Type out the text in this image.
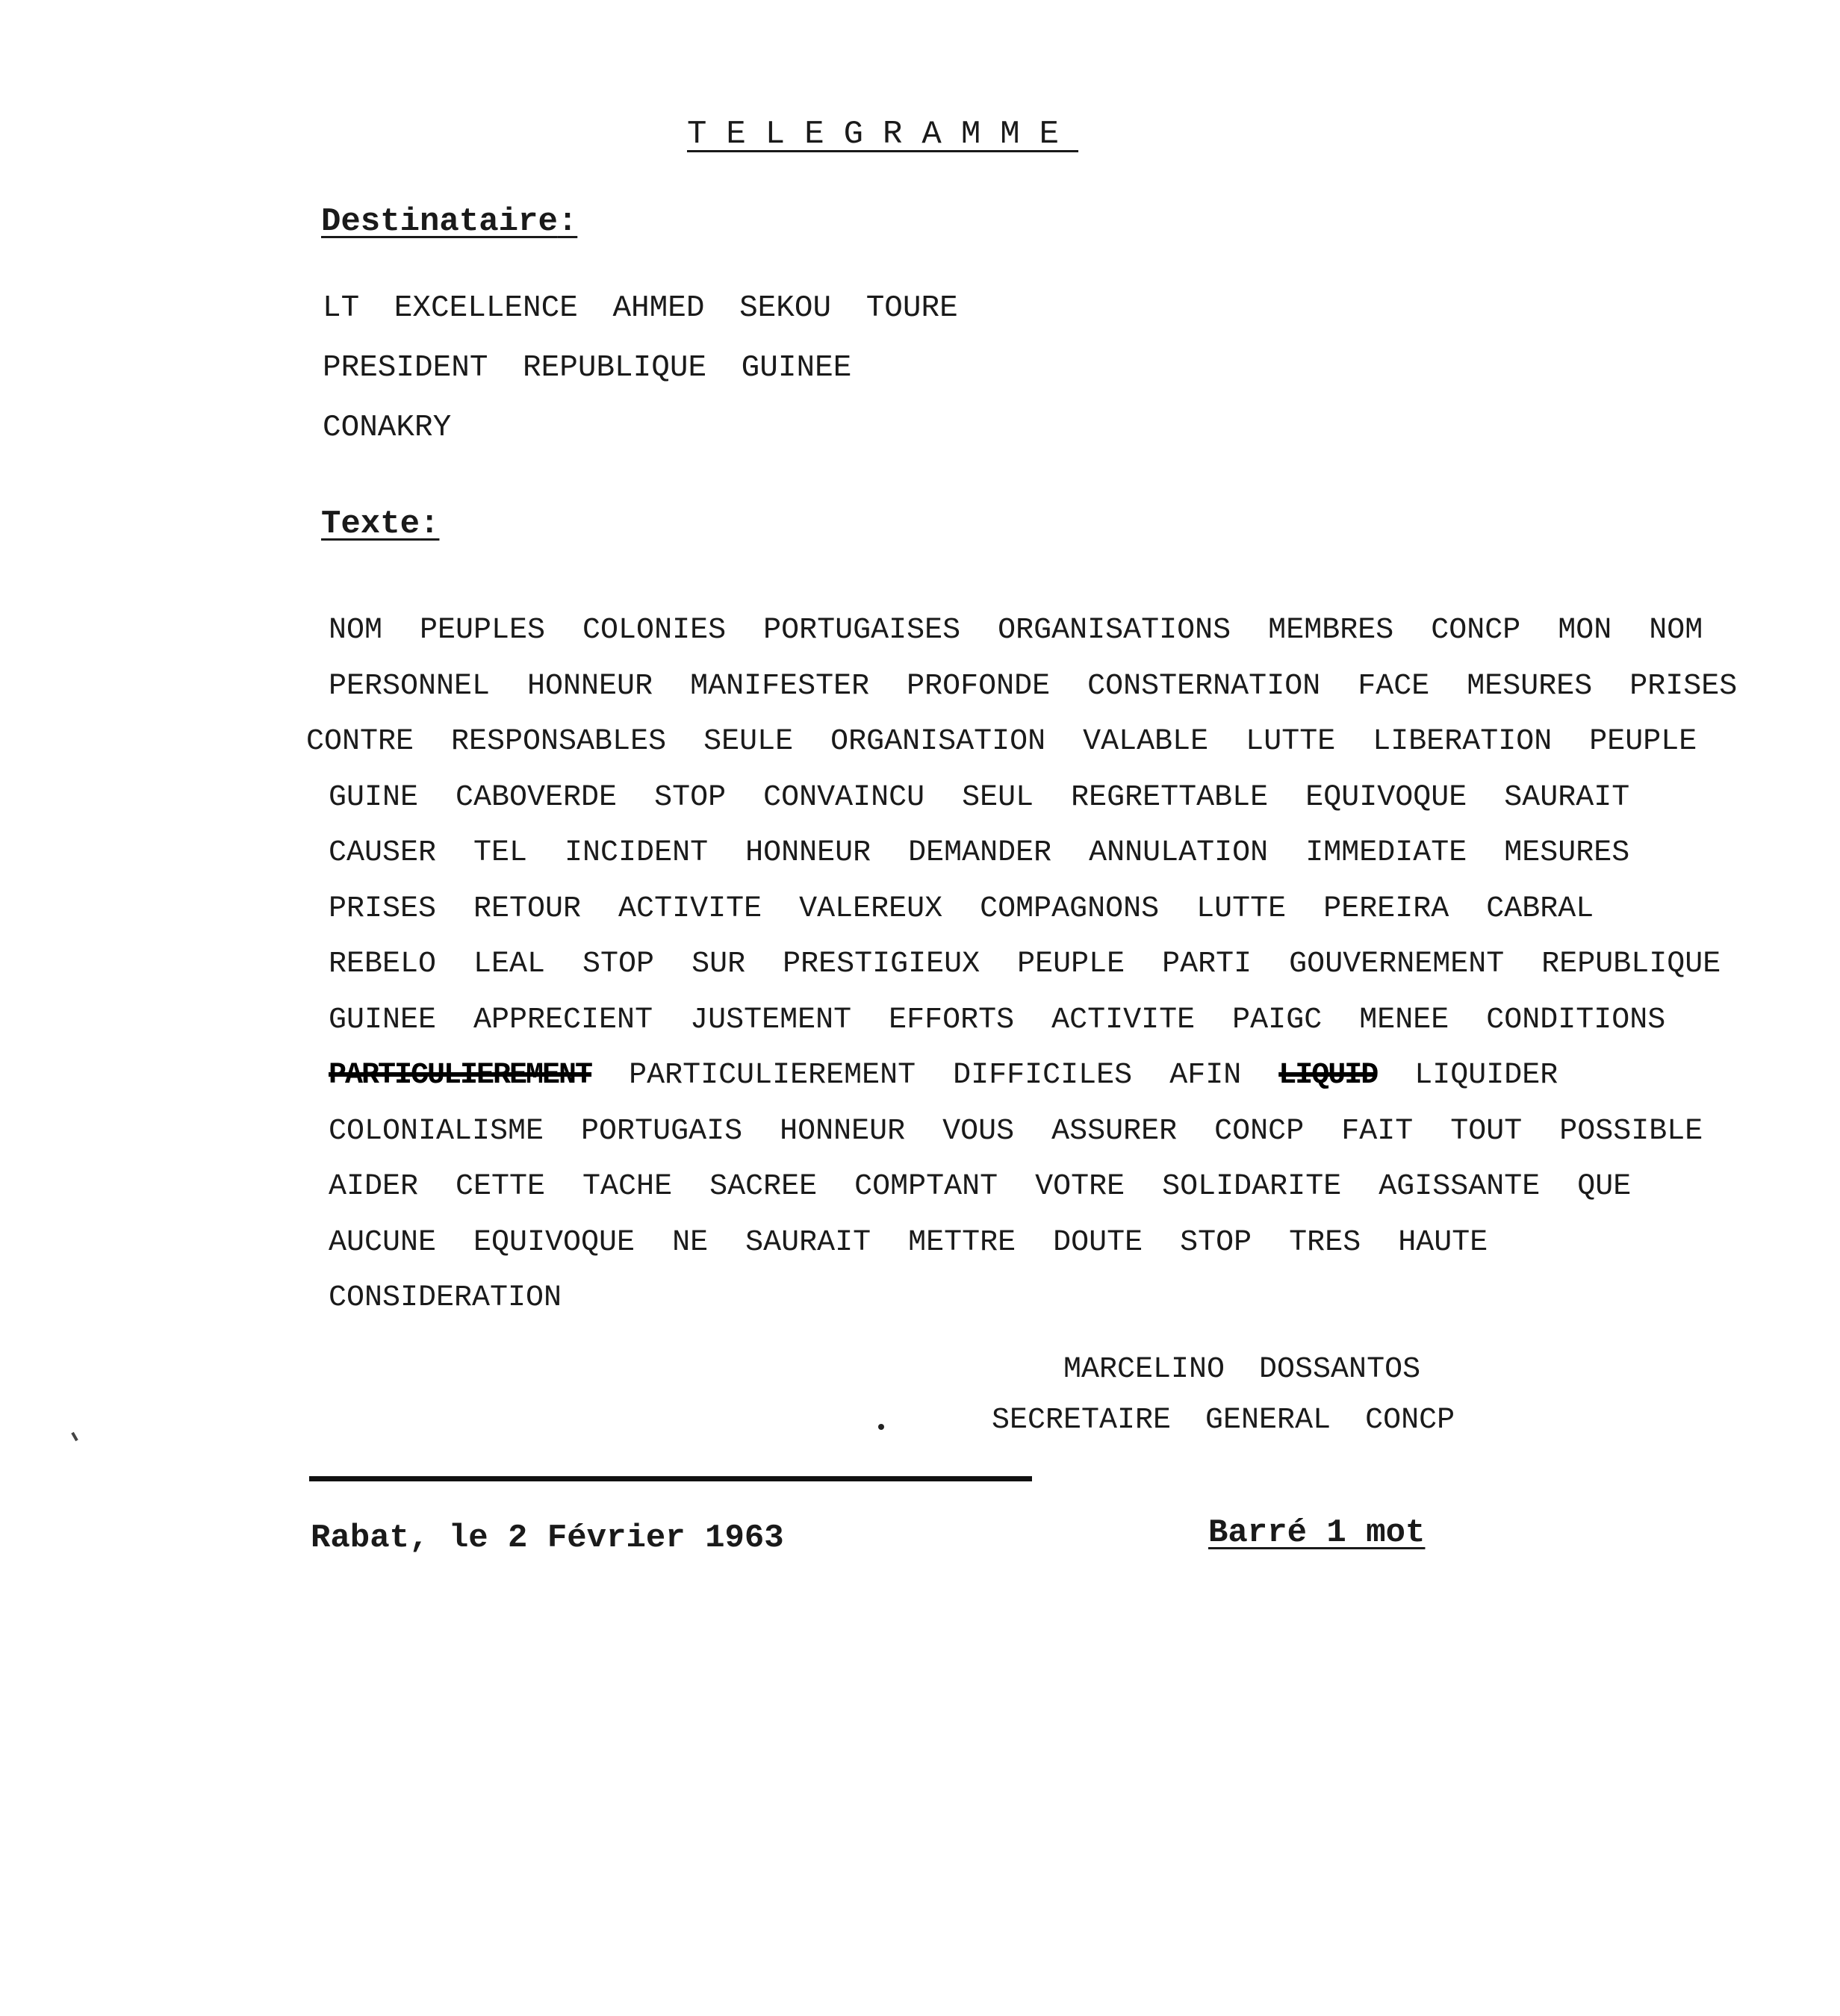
TELEGRAMME
Destinataire:
LT EXCELLENCE AHMED SEKOU TOURE
PRESIDENT REPUBLIQUE GUINEE
CONAKRY
Texte:
NOM PEUPLES COLONIES PORTUGAISES ORGANISATIONS MEMBRES CONCP MON NOM
PERSONNEL HONNEUR MANIFESTER PROFONDE CONSTERNATION FACE MESURES PRISES
CONTRE RESPONSABLES SEULE ORGANISATION VALABLE LUTTE LIBERATION PEUPLE
GUINE CABOVERDE STOP CONVAINCU SEUL REGRETTABLE EQUIVOQUE SAURAIT
CAUSER TEL INCIDENT HONNEUR DEMANDER ANNULATION IMMEDIATE MESURES
PRISES RETOUR ACTIVITE VALEREUX COMPAGNONS LUTTE PEREIRA CABRAL
REBELO LEAL STOP SUR PRESTIGIEUX PEUPLE PARTI GOUVERNEMENT REPUBLIQUE
GUINEE APPRECIENT JUSTEMENT EFFORTS ACTIVITE PAIGC MENEE CONDITIONS
PARTICULIEREMENT PARTICULIEREMENT DIFFICILES AFIN LIQUID LIQUIDER
COLONIALISME PORTUGAIS HONNEUR VOUS ASSURER CONCP FAIT TOUT POSSIBLE
AIDER CETTE TACHE SACREE COMPTANT VOTRE SOLIDARITE AGISSANTE QUE
AUCUNE EQUIVOQUE NE SAURAIT METTRE DOUTE STOP TRES HAUTE
CONSIDERATION
MARCELINO DOSSANTOS
SECRETAIRE GENERAL CONCP
Rabat, le 2 Février 1963	Barré 1 mot
